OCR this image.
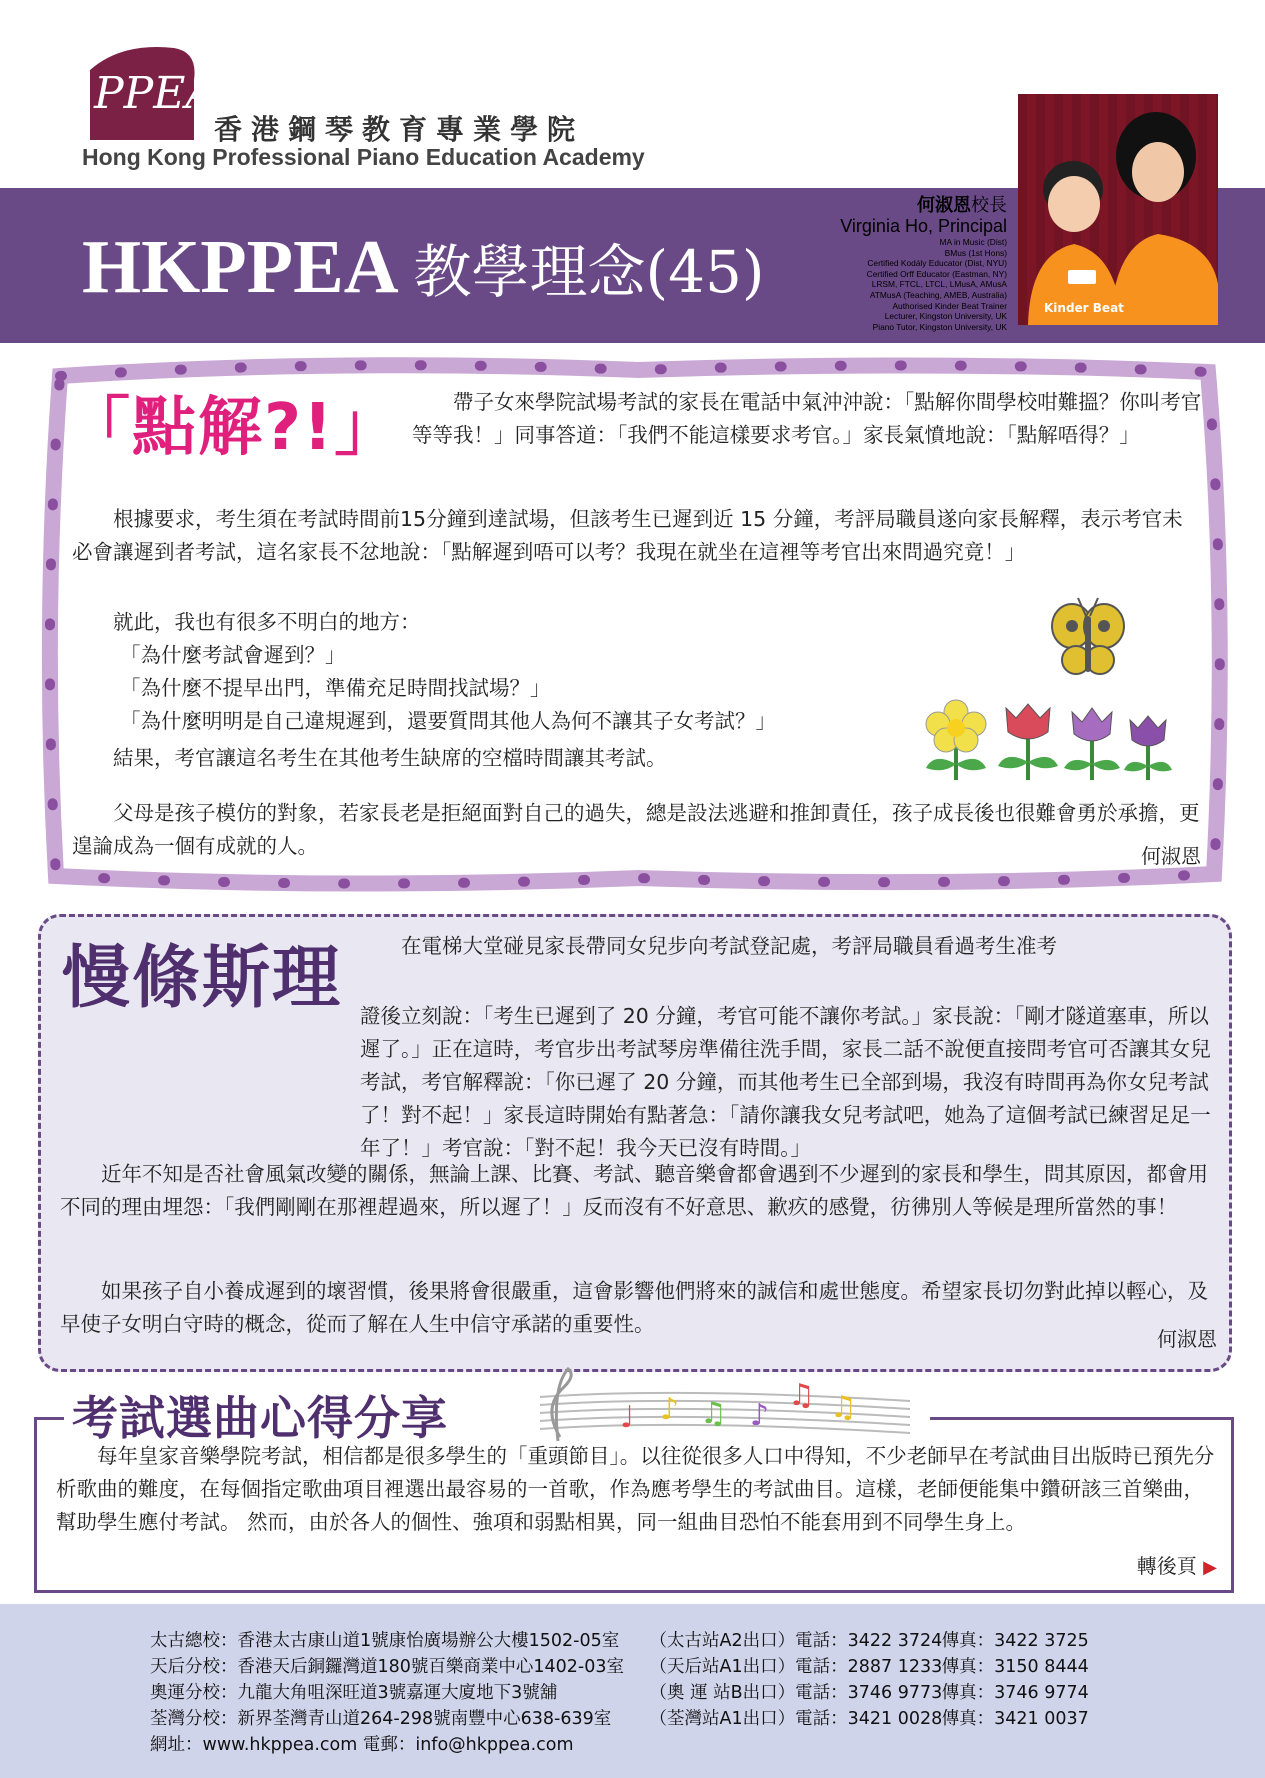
PPEA
香港鋼琴教育專業學院
Hong Kong Professional Piano Education Academy
HKPPEA 教學理念(45)
何淑恩校長
Virginia Ho, Principal
MA in Music (Dist)
BMus (1st Hons)
Certified Kodály Educator (Dist, NYU)
Certified Orff Educator (Eastman, NY)
LRSM, FTCL, LTCL, LMusA, AMusA
ATMusA (Teaching, AMEB, Australia)
Authorised Kinder Beat Trainer
Lecturer, Kingston University, UK
Piano Tutor, Kingston University, UK
Kinder Beat
「點解?!」	帶子女來學院試場考試的家長在電話中氣沖沖說：「點解你間學校咁難搵？你叫考官等等我！」同事答道：「我們不能這樣要求考官。」家長氣憤地說：「點解唔得？」
根據要求，考生須在考試時間前15分鐘到達試場，但該考生已遲到近 15 分鐘，考評局職員遂向家長解釋，表示考官未必會讓遲到者考試，這名家長不忿地說：「點解遲到唔可以考？我現在就坐在這裡等考官出來問過究竟！」
就此，我也有很多不明白的地方：
「為什麼考試會遲到？」
「為什麼不提早出門，準備充足時間找試場？」
「為什麼明明是自己違規遲到，還要質問其他人為何不讓其子女考試？」
結果，考官讓這名考生在其他考生缺席的空檔時間讓其考試。
父母是孩子模仿的對象，若家長老是拒絕面對自己的過失，總是設法逃避和推卸責任，孩子成長後也很難會勇於承擔，更遑論成為一個有成就的人。	何淑恩
慢條斯理	在電梯大堂碰見家長帶同女兒步向考試登記處，考評局職員看過考生准考
證後立刻說：「考生已遲到了 20 分鐘，考官可能不讓你考試。」家長說：「剛才隧道塞車，所以遲了。」正在這時，考官步出考試琴房準備往洗手間，家長二話不說便直接問考官可否讓其女兒考試，考官解釋說：「你已遲了 20 分鐘，而其他考生已全部到場，我沒有時間再為你女兒考試了！對不起！」家長這時開始有點著急：「請你讓我女兒考試吧，她為了這個考試已練習足足一年了！」考官說：「對不起！我今天已沒有時間。」
近年不知是否社會風氣改變的關係，無論上課、比賽、考試、聽音樂會都會遇到不少遲到的家長和學生，問其原因，都會用不同的理由埋怨：「我們剛剛在那裡趕過來，所以遲了！」反而沒有不好意思、歉疚的感覺，彷彿別人等候是理所當然的事！
如果孩子自小養成遲到的壞習慣，後果將會很嚴重，這會影響他們將來的誠信和處世態度。希望家長切勿對此掉以輕心，及早使子女明白守時的概念，從而了解在人生中信守承諾的重要性。
何淑恩
考試選曲心得分享	♩ ♪ ♫ ♪
♫ ♫
每年皇家音樂學院考試，相信都是很多學生的「重頭節目」。以往從很多人口中得知，不少老師早在考試曲目出版時已預先分析歌曲的難度，在每個指定歌曲項目裡選出最容易的一首歌，作為應考學生的考試曲目。這樣，老師便能集中鑽研該三首樂曲，幫助學生應付考試。 然而，由於各人的個性、強項和弱點相異，同一組曲目恐怕不能套用到不同學生身上。
轉後頁 ▶
太古總校：香港太古康山道1號康怡廣場辦公大樓1502-05室 （太古站A2出口）電話：3422 3724傳真：3422 3725
天后分校：香港天后銅鑼灣道180號百樂商業中心1402-03室 （天后站A1出口）電話：2887 1233傳真：3150 8444
奧運分校：九龍大角咀深旺道3號嘉運大廈地下3號舖	（奧 運 站B出口）電話：3746 9773傳真：3746 9774
荃灣分校：新界荃灣青山道264-298號南豐中心638-639室 （荃灣站A1出口）電話：3421 0028傳真：3421 0037
網址：www.hkppea.com 電郵：info@hkppea.com
